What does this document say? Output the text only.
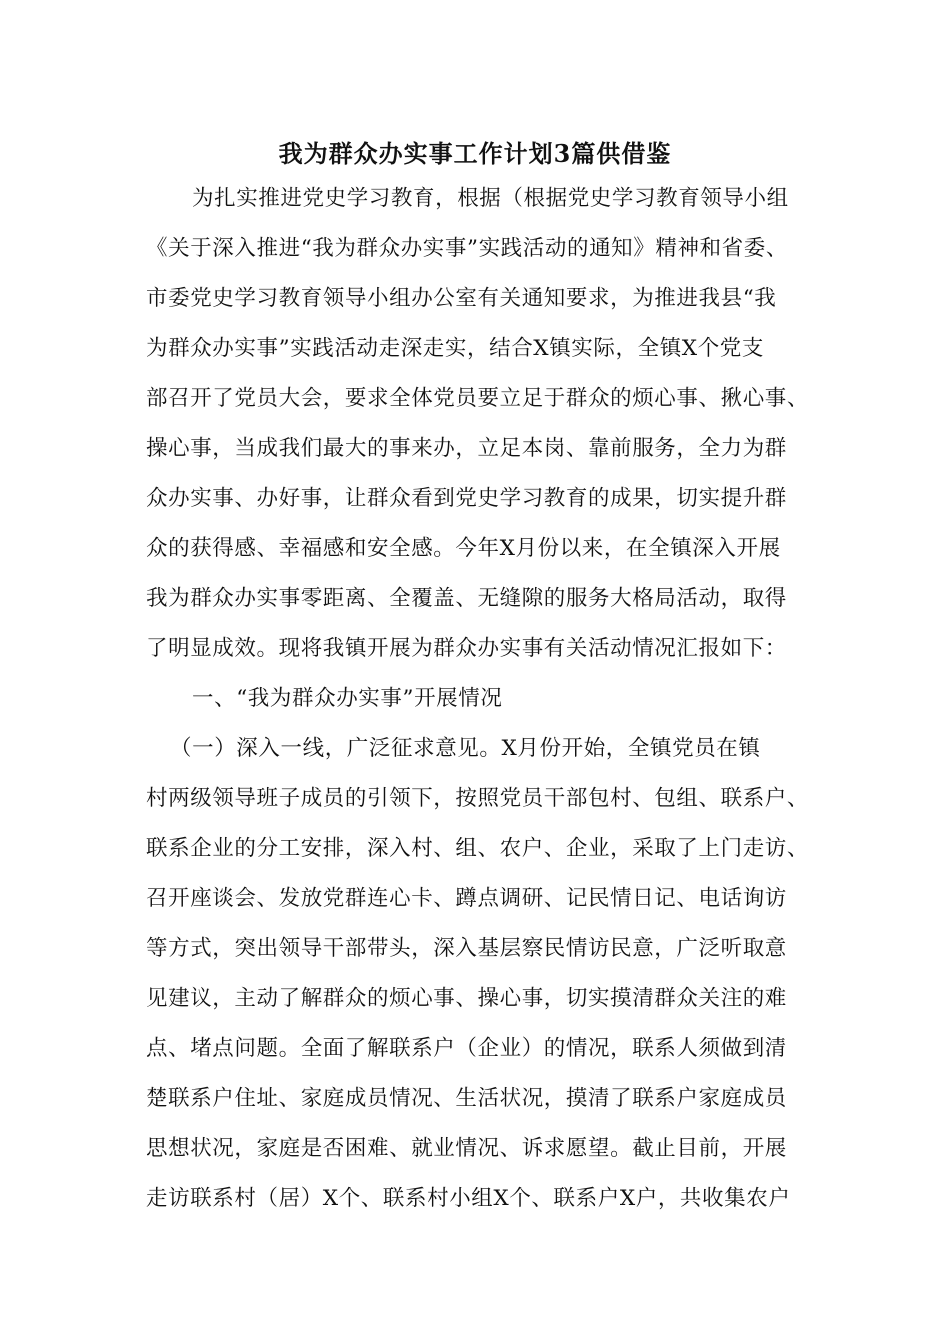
我为群众办实事工作计划3篇供借鉴
为扎实推进党史学习教育，根据（根据党史学习教育领导小组
《关于深入推进“我为群众办实事”实践活动的通知》精神和省委、
市委党史学习教育领导小组办公室有关通知要求，为推进我县“我
为群众办实事”实践活动走深走实，结合X镇实际，全镇X个党支
部召开了党员大会，要求全体党员要立足于群众的烦心事、揪心事、
操心事，当成我们最大的事来办，立足本岗、靠前服务，全力为群
众办实事、办好事，让群众看到党史学习教育的成果，切实提升群
众的获得感、幸福感和安全感。今年X月份以来，在全镇深入开展
我为群众办实事零距离、全覆盖、无缝隙的服务大格局活动，取得
了明显成效。现将我镇开展为群众办实事有关活动情况汇报如下：
一、“我为群众办实事”开展情况
（一）深入一线，广泛征求意见。X月份开始，全镇党员在镇
村两级领导班子成员的引领下，按照党员干部包村、包组、联系户、
联系企业的分工安排，深入村、组、农户、企业，采取了上门走访、
召开座谈会、发放党群连心卡、蹲点调研、记民情日记、电话询访
等方式，突出领导干部带头，深入基层察民情访民意，广泛听取意
见建议，主动了解群众的烦心事、操心事，切实摸清群众关注的难
点、堵点问题。全面了解联系户（企业）的情况，联系人须做到清
楚联系户住址、家庭成员情况、生活状况，摸清了联系户家庭成员
思想状况，家庭是否困难、就业情况、诉求愿望。截止目前，开展
走访联系村（居）X个、联系村小组X个、联系户X户，共收集农户
